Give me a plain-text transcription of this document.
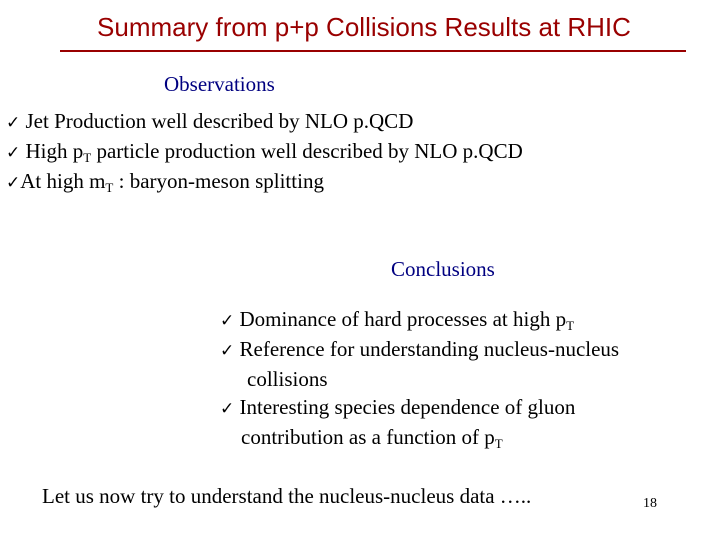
Summary from p+p Collisions Results at RHIC
Observations
✓ Jet Production well described by NLO p.QCD
✓ High $p_T$ particle production well described by NLO p.QCD
✓At high $m_T$ : baryon-meson splitting
Conclusions
✓ Dominance of hard processes at high $p_T$
✓ Reference for understanding nucleus-nucleus
collisions
✓ Interesting species dependence of gluon
contribution as a function of $p_T$
Let us now try to understand the nucleus-nucleus data …..	18
